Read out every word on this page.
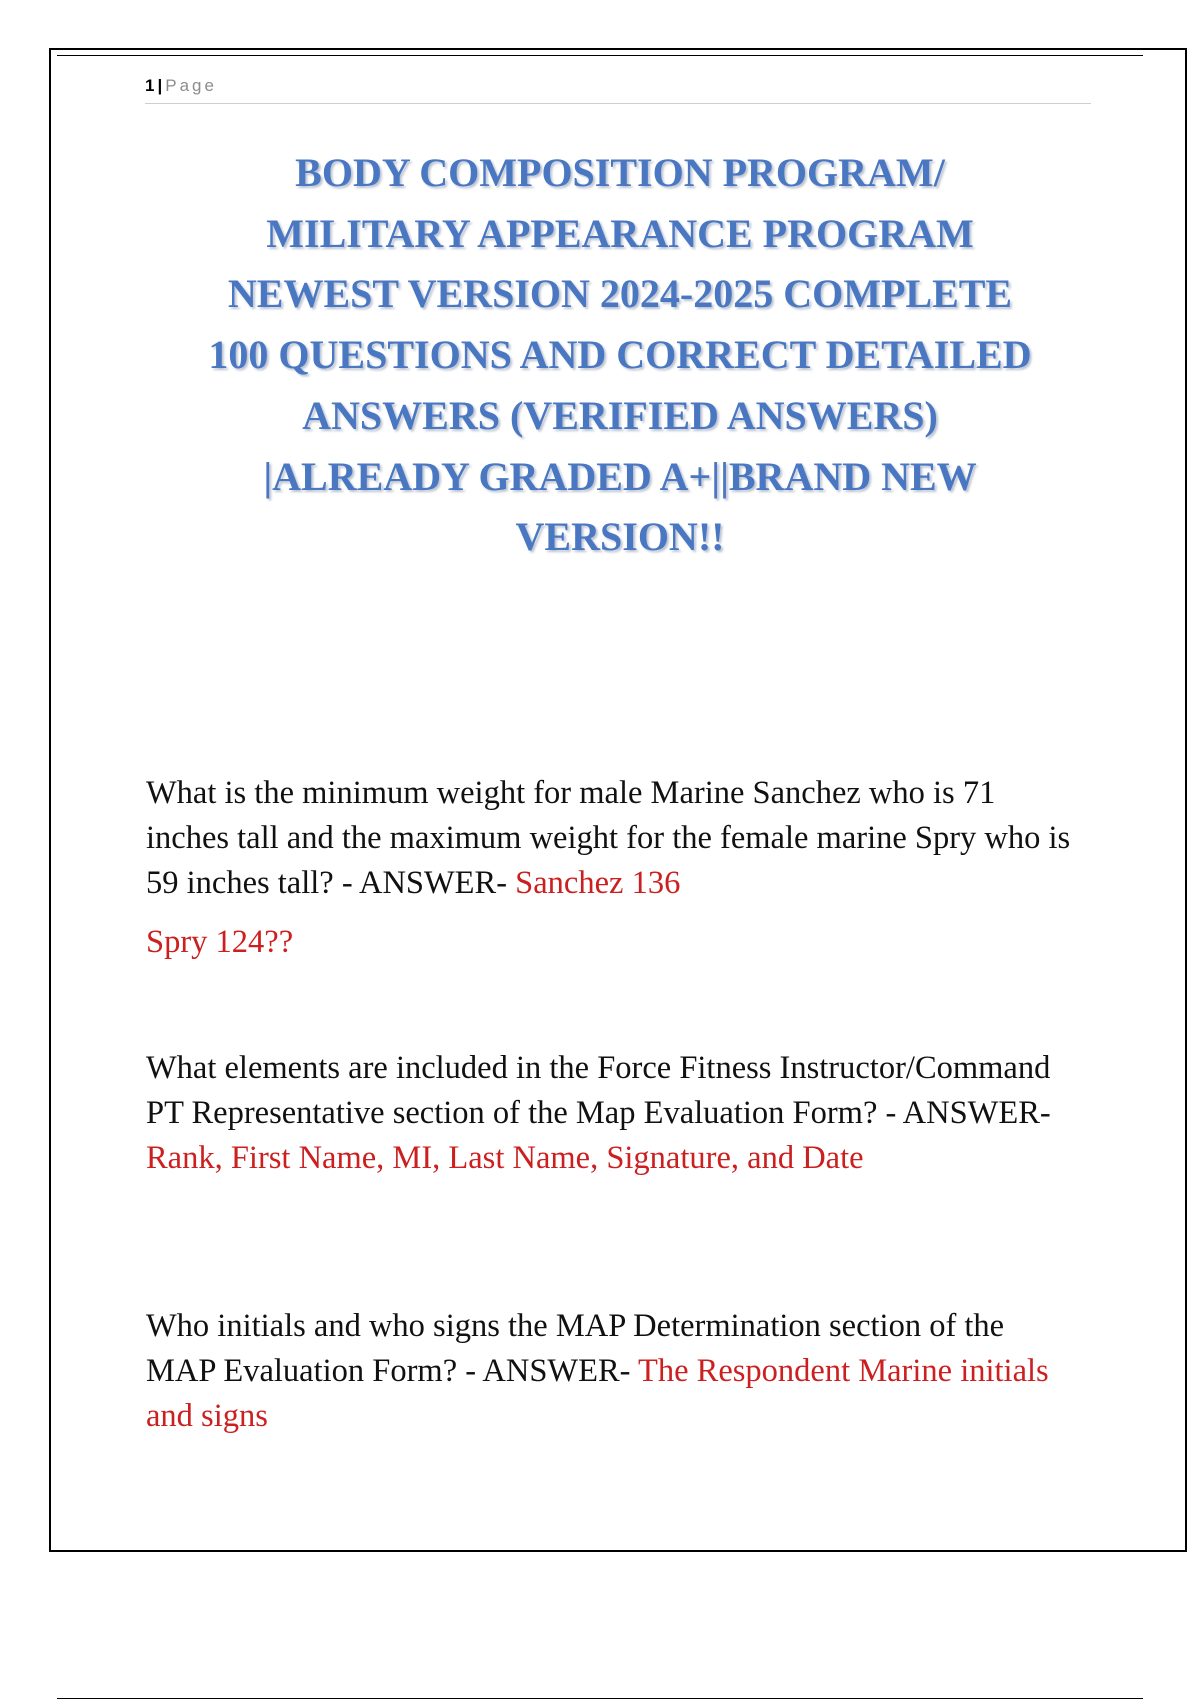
1 | Page
BODY COMPOSITION PROGRAM/
MILITARY APPEARANCE PROGRAM
NEWEST VERSION 2024-2025 COMPLETE
100 QUESTIONS AND CORRECT DETAILED
ANSWERS (VERIFIED ANSWERS)
|ALREADY GRADED A+||BRAND NEW
VERSION!!

What is the minimum weight for male Marine Sanchez who is 71 inches tall and the maximum weight for the female marine Spry who is 59 inches tall? - ANSWER- Sanchez 136
Spry 124??

What elements are included in the Force Fitness Instructor/Command PT Representative section of the Map Evaluation Form? - ANSWER- Rank, First Name, MI, Last Name, Signature, and Date

Who initials and who signs the MAP Determination section of the MAP Evaluation Form? - ANSWER- The Respondent Marine initials and signs
